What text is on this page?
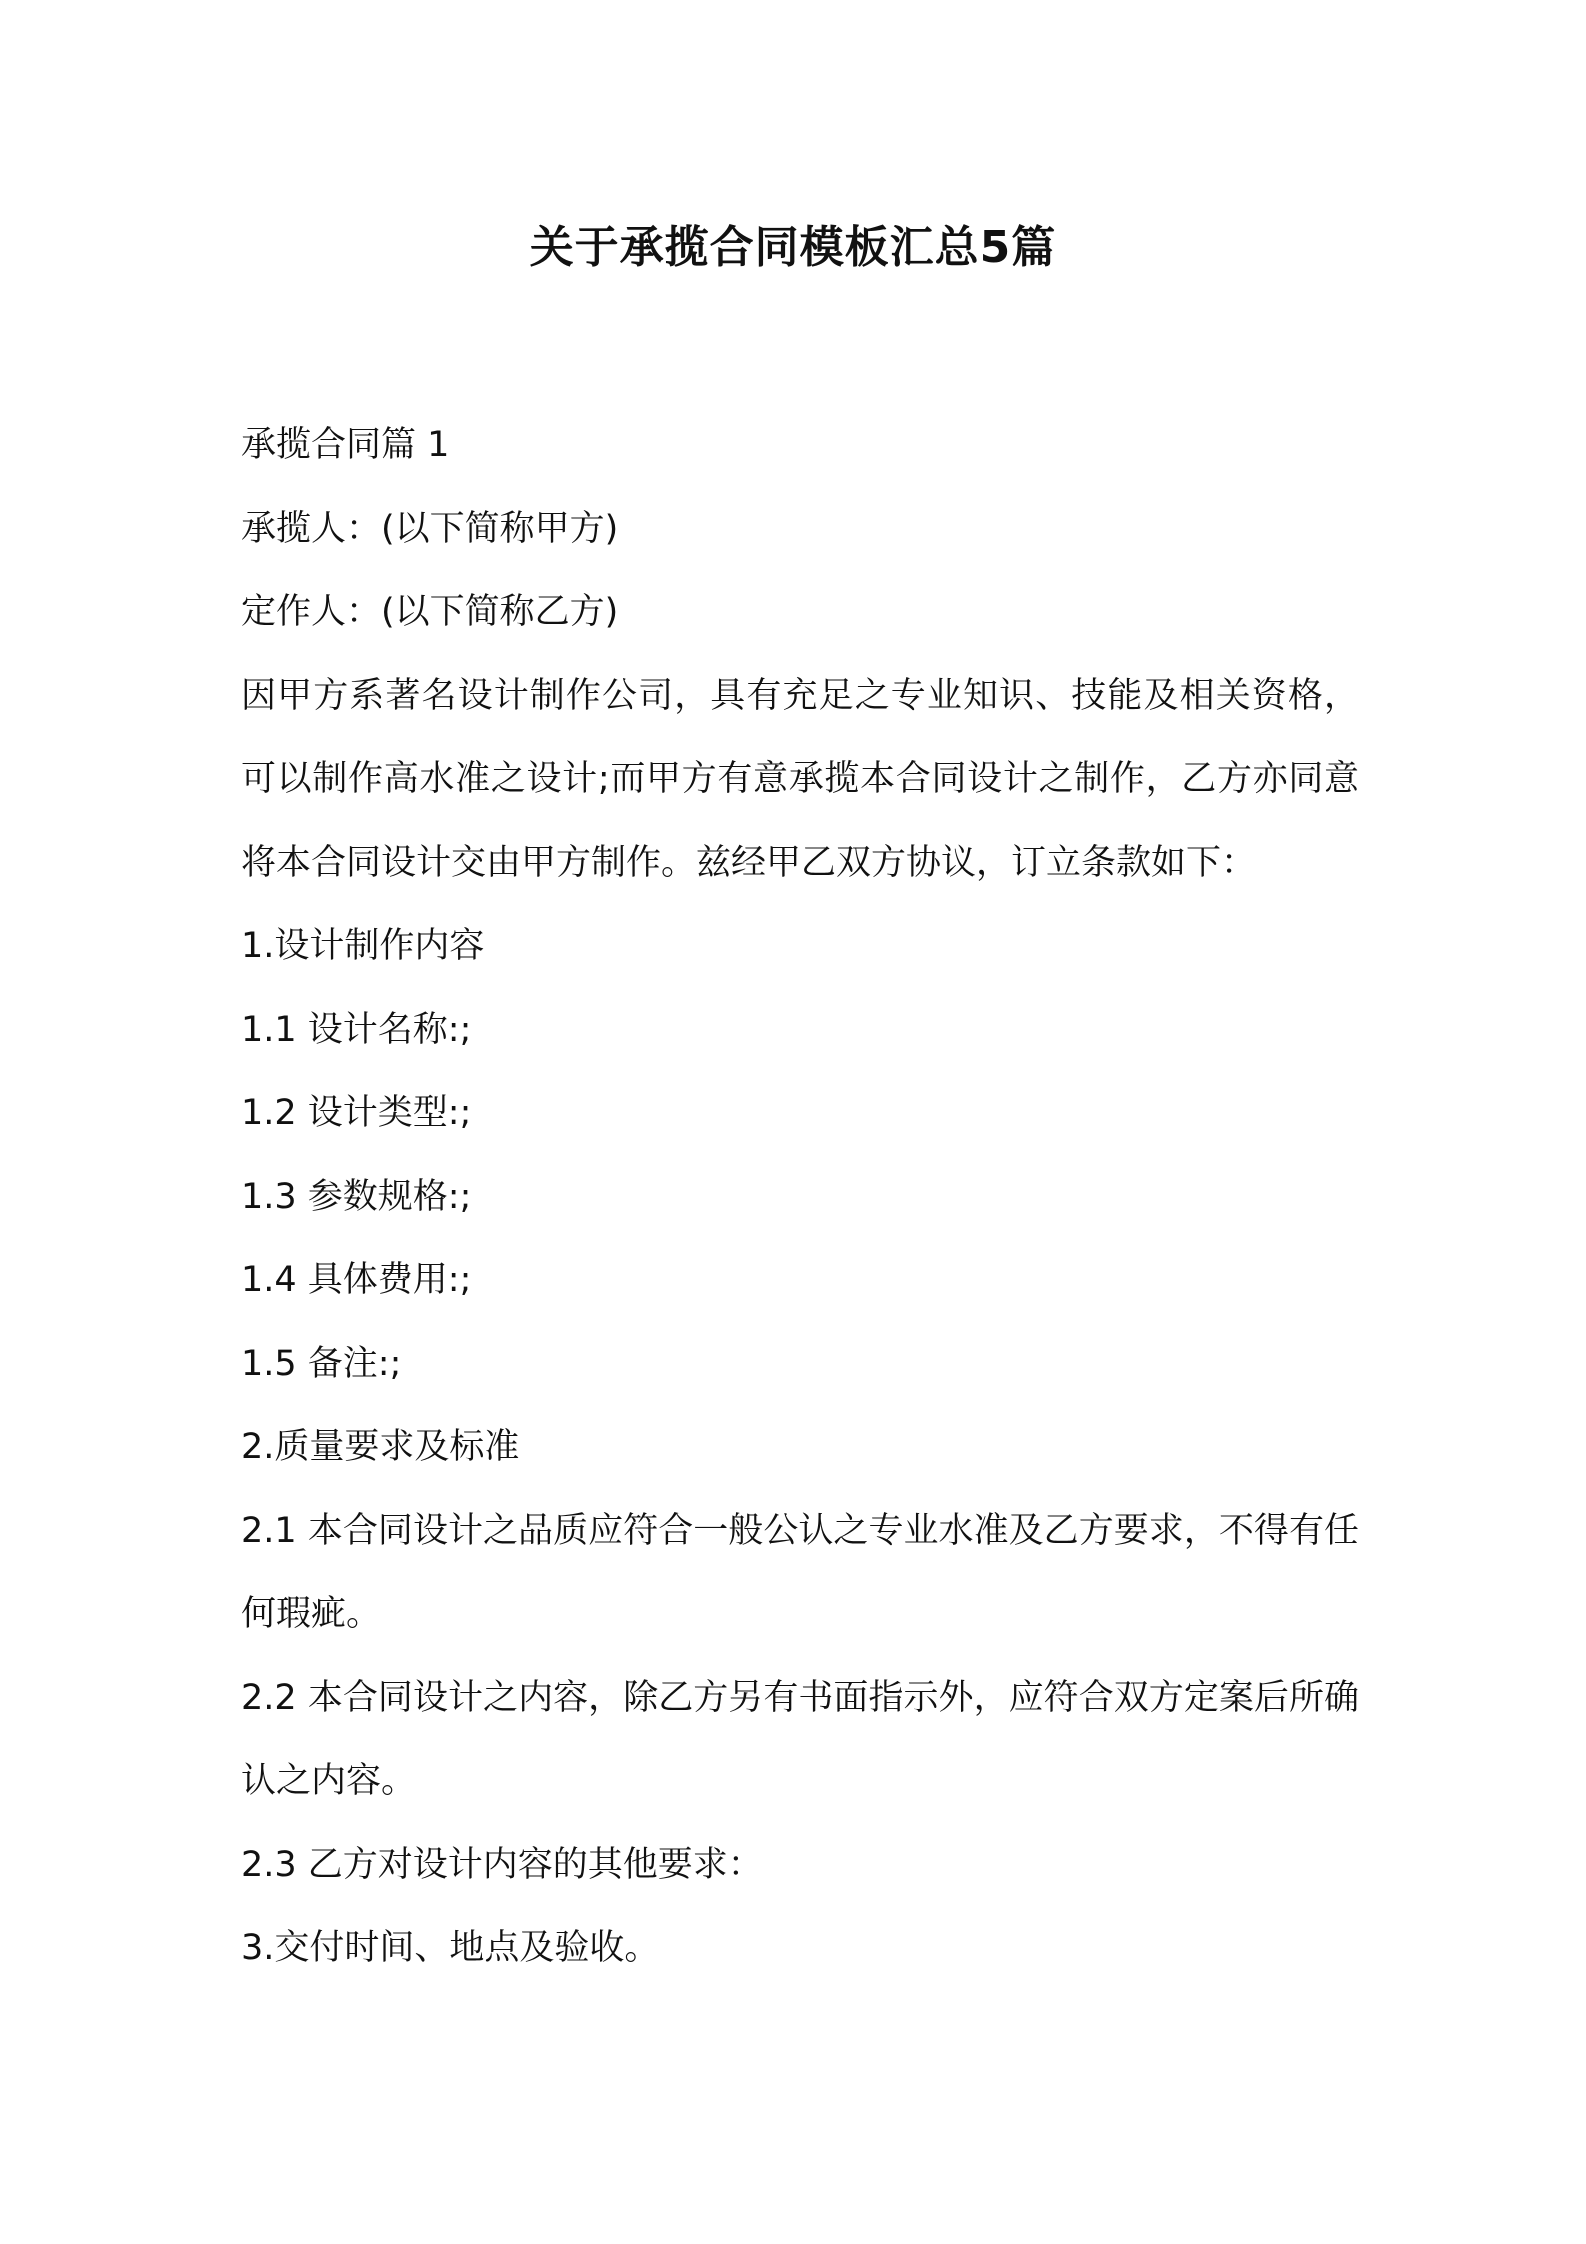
关于承揽合同模板汇总5篇

承揽合同篇 1

承揽人：(以下简称甲方)

定作人：(以下简称乙方)

因甲方系著名设计制作公司，具有充足之专业知识、技能及相关资格，可以制作高水准之设计;而甲方有意承揽本合同设计之制作，乙方亦同意将本合同设计交由甲方制作。兹经甲乙双方协议，订立条款如下：

1.设计制作内容

1.1 设计名称:;

1.2 设计类型:;

1.3 参数规格:;

1.4 具体费用:;

1.5 备注:;

2.质量要求及标准

2.1 本合同设计之品质应符合一般公认之专业水准及乙方要求，不得有任何瑕疵。

2.2 本合同设计之内容，除乙方另有书面指示外，应符合双方定案后所确认之内容。

2.3 乙方对设计内容的其他要求：

3.交付时间、地点及验收。
